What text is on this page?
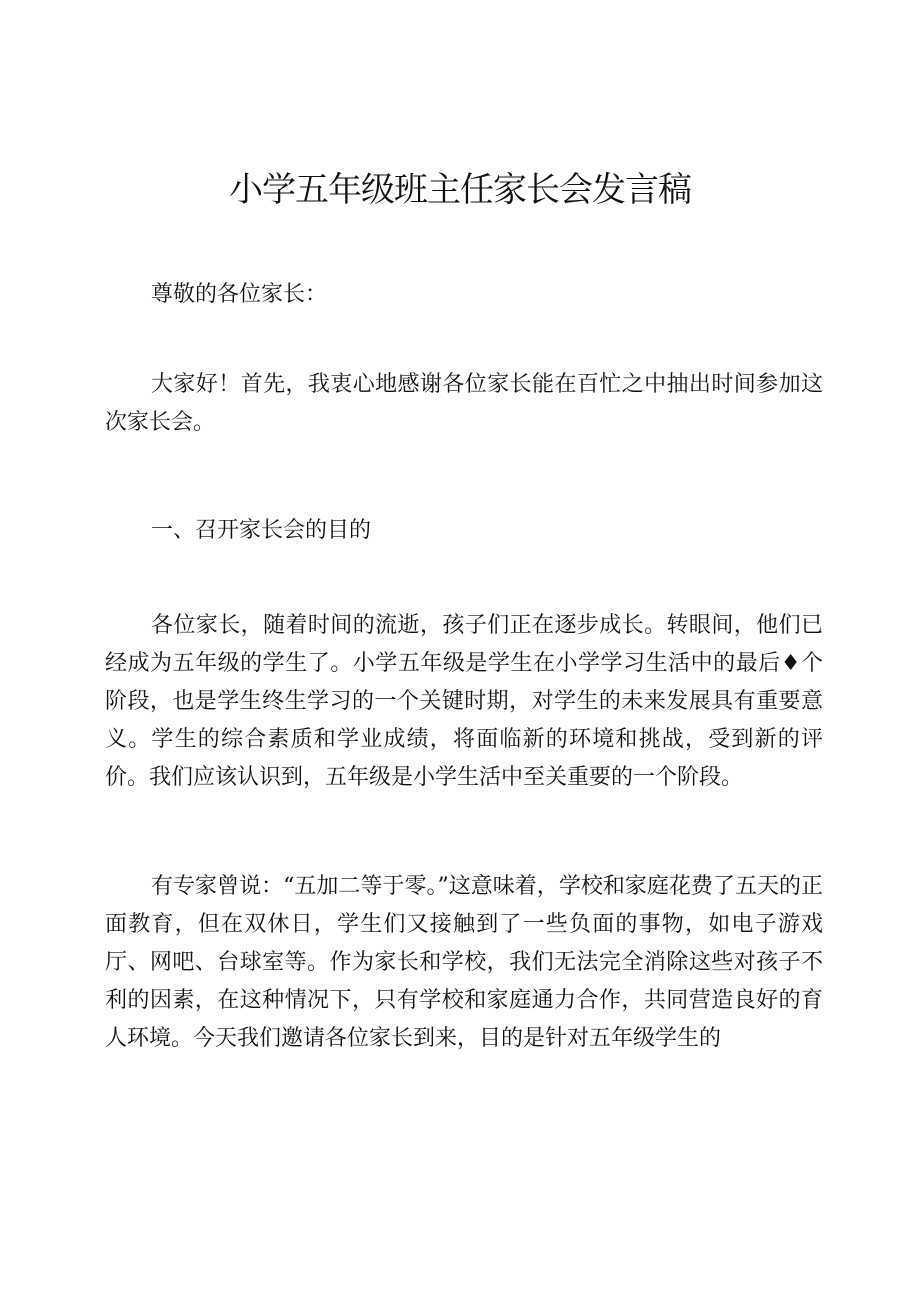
小学五年级班主任家长会发言稿

尊敬的各位家长：

大家好！首先，我衷心地感谢各位家长能在百忙之中抽出时间参加这次家长会。

一、召开家长会的目的

各位家长，随着时间的流逝，孩子们正在逐步成长。转眼间，他们已经成为五年级的学生了。小学五年级是学生在小学学习生活中的最后♦个阶段，也是学生终生学习的一个关键时期，对学生的未来发展具有重要意义。学生的综合素质和学业成绩，将面临新的环境和挑战，受到新的评价。我们应该认识到，五年级是小学生活中至关重要的一个阶段。

有专家曾说：“五加二等于零。”这意味着，学校和家庭花费了五天的正面教育，但在双休日，学生们又接触到了一些负面的事物，如电子游戏厅、网吧、台球室等。作为家长和学校，我们无法完全消除这些对孩子不利的因素，在这种情况下，只有学校和家庭通力合作，共同营造良好的育人环境。今天我们邀请各位家长到来，目的是针对五年级学生的
